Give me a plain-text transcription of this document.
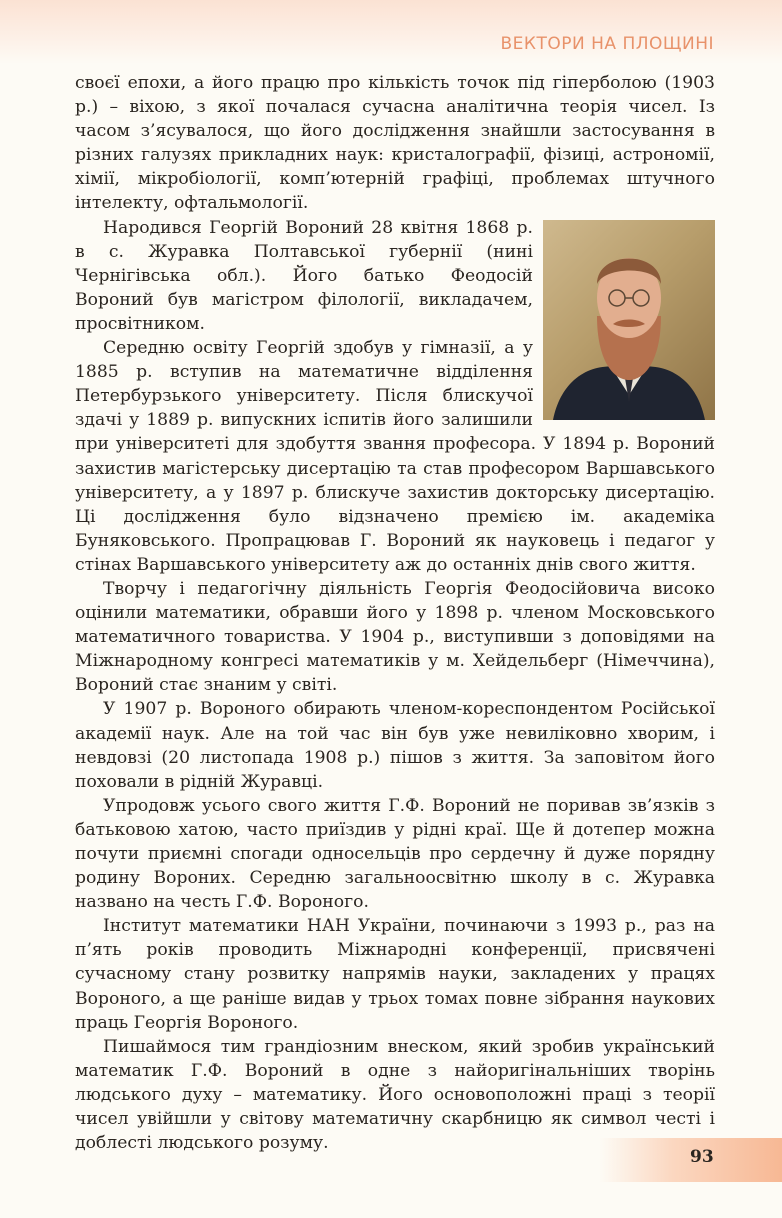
ВЕКТОРИ НА ПЛОЩИНІ

своєї епохи, а його працю про кількість точок під гіперболою (1903 р.) – віхою, з якої почалася сучасна аналітична теорія чисел. Із часом з’ясувалося, що його дослідження знайшли застосування в різних галузях прикладних наук: кристалографії, фізиці, астрономії, хімії, мікробіології, комп’ютерній графіці, проблемах штучного інтелекту, офтальмології.

Народився Георгій Вороний 28 квітня 1868 р. в с. Журавка Полтавської губернії (нині Чернігівська обл.). Його батько Феодосій Вороний був магістром філології, викладачем, просвітником.

Середню освіту Георгій здобув у гімназії, а у 1885 р. вступив на математичне відділення Петербурзького університету. Після блискучої здачі у 1889 р. випускних іспитів його залишили при університеті для здобуття звання професора. У 1894 р. Вороний захистив магістерську дисертацію та став професором Варшавського університету, а у 1897 р. блискуче захистив докторську дисертацію. Ці дослідження було відзначено премією ім. академіка Буняковського. Пропрацював Г. Вороний як науковець і педагог у стінах Варшавського університету аж до останніх днів свого життя.

Творчу і педагогічну діяльність Георгія Феодосійовича високо оцінили математики, обравши його у 1898 р. членом Московського математичного товариства. У 1904 р., виступивши з доповідями на Міжнародному конгресі математиків у м. Хейдельберг (Німеччина), Вороний стає знаним у світі.

У 1907 р. Вороного обирають членом-кореспондентом Російської академії наук. Але на той час він був уже невиліковно хворим, і невдовзі (20 листопада 1908 р.) пішов з життя. За заповітом його поховали в рідній Журавці.

Упродовж усього свого життя Г.Ф. Вороний не поривав зв’язків з батьковою хатою, часто приїздив у рідні краї. Ще й дотепер можна почути приємні спогади односельців про сердечну й дуже порядну родину Вороних. Середню загальноосвітню школу в с. Журавка названо на честь Г.Ф. Вороного.

Інститут математики НАН України, починаючи з 1993 р., раз на п’ять років проводить Міжнародні конференції, присвячені сучасному стану розвитку напрямів науки, закладених у працях Вороного, а ще раніше видав у трьох томах повне зібрання наукових праць Георгія Вороного.

Пишаймося тим грандіозним внеском, який зробив український математик Г.Ф. Вороний в одне з найоригінальніших творінь людського духу – математику. Його основоположні праці з теорії чисел увійшли у світову математичну скарбницю як символ честі і доблесті людського розуму.

93
